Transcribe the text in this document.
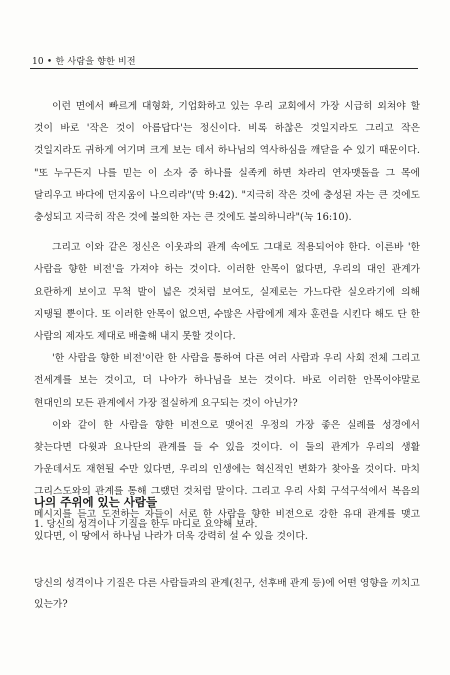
10 • 한 사람을 향한 비전

이런 면에서 빠르게 대형화, 기업화하고 있는 우리 교회에서 가장 시급히 외쳐야 할 것이 바로 '작은 것이 아름답다'는 정신이다. 비록 하찮은 것일지라도 그리고 작은 것일지라도 귀하게 여기며 크게 보는 데서 하나님의 역사하심을 깨닫을 수 있기 때문이다. "또 누구든지 나를 믿는 이 소자 중 하나를 실족케 하면 차라리 연자맷돌을 그 목에 달리우고 바다에 던지움이 나으리라"(막 9:42). "지극히 작은 것에 충성된 자는 큰 것에도 충성되고 지극히 작은 것에 불의한 자는 큰 것에도 불의하니라"(눅 16:10).

그리고 이와 같은 정신은 이웃과의 관계 속에도 그대로 적용되어야 한다. 이른바 '한 사람을 향한 비전'을 가져야 하는 것이다. 이러한 안목이 없다면, 우리의 대인 관계가 요란하게 보이고 무척 발이 넓은 것처럼 보여도, 실제로는 가느다란 실오라기에 의해 지탱될 뿐이다. 또 이러한 안목이 없으면, 수많은 사람에게 제자 훈련을 시킨다 해도 단 한 사람의 제자도 제대로 배출해 내지 못할 것이다.

'한 사람을 향한 비전'이란 한 사람을 통하여 다른 여러 사람과 우리 사회 전체 그리고 전세계를 보는 것이고, 더 나아가 하나님을 보는 것이다. 바로 이러한 안목이야말로 현대인의 모든 관계에서 가장 절실하게 요구되는 것이 아닌가?

이와 같이 한 사람을 향한 비전으로 맺어진 우정의 가장 좋은 실례를 성경에서 찾는다면 다윗과 요나단의 관계를 들 수 있을 것이다. 이 둘의 관계가 우리의 생활 가운데서도 재현될 수만 있다면, 우리의 인생에는 혁신적인 변화가 찾아올 것이다. 마치 그리스도와의 관계를 통해 그랬던 것처럼 말이다. 그리고 우리 사회 구석구석에서 복음의 메시지를 듣고 도전하는 자들이 서로 한 사람을 향한 비전으로 강한 유대 관계를 맺고 있다면, 이 땅에서 하나님 나라가 더욱 강력히 설 수 있을 것이다.

나의 주위에 있는 사람들
1. 당신의 성격이나 기질을 한두 마디로 요약해 보라.
당신의 성격이나 기질은 다른 사람들과의 관계(친구, 선후배 관계 등)에 어떤 영향을 끼치고 있는가?
